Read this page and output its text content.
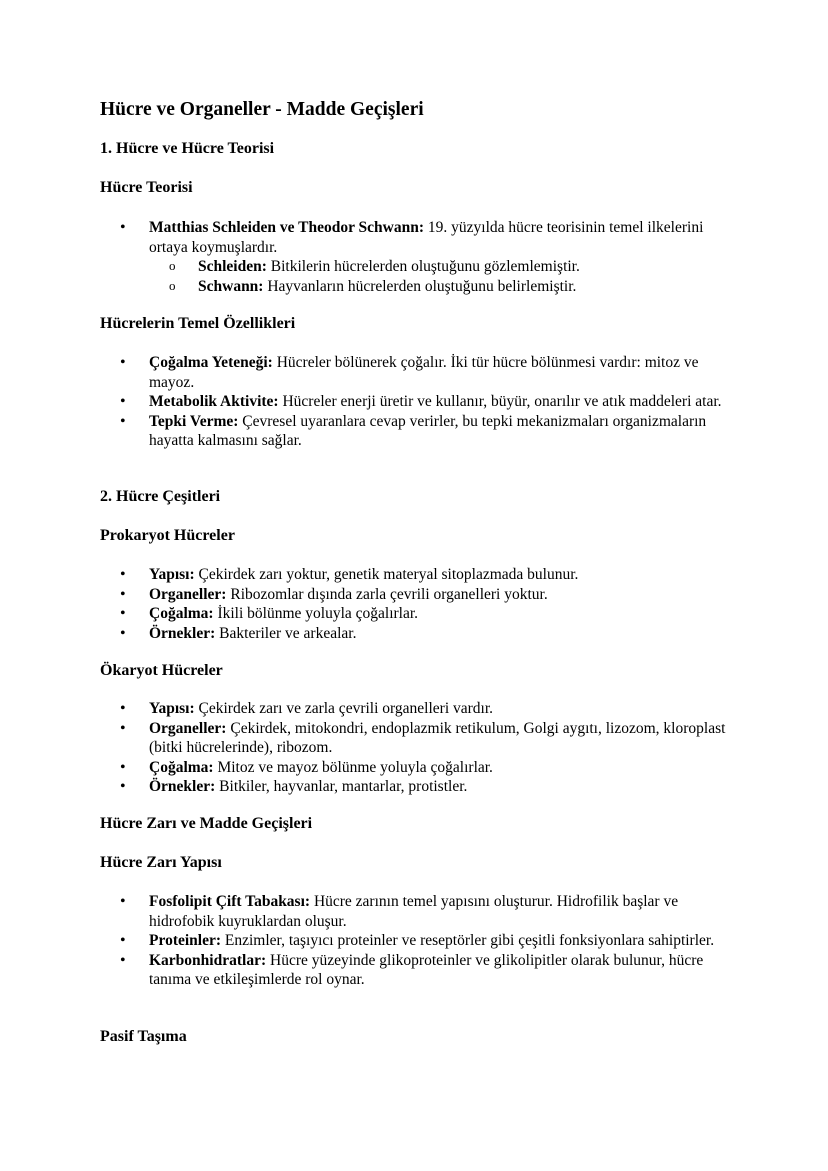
Hücre ve Organeller - Madde Geçişleri
1. Hücre ve Hücre Teorisi
Hücre Teorisi
• Matthias Schleiden ve Theodor Schwann: 19. yüzyılda hücre teorisinin temel ilkelerini ortaya koymuşlardır.
o Schleiden: Bitkilerin hücrelerden oluştuğunu gözlemlemiştir.
o Schwann: Hayvanların hücrelerden oluştuğunu belirlemiştir.
Hücrelerin Temel Özellikleri
• Çoğalma Yeteneği: Hücreler bölünerek çoğalır. İki tür hücre bölünmesi vardır: mitoz ve mayoz.
• Metabolik Aktivite: Hücreler enerji üretir ve kullanır, büyür, onarılır ve atık maddeleri atar.
• Tepki Verme: Çevresel uyaranlara cevap verirler, bu tepki mekanizmaları organizmaların hayatta kalmasını sağlar.
2. Hücre Çeşitleri
Prokaryot Hücreler
• Yapısı: Çekirdek zarı yoktur, genetik materyal sitoplazmada bulunur.
• Organeller: Ribozomlar dışında zarla çevrili organelleri yoktur.
• Çoğalma: İkili bölünme yoluyla çoğalırlar.
• Örnekler: Bakteriler ve arkealar.
Ökaryot Hücreler
• Yapısı: Çekirdek zarı ve zarla çevrili organelleri vardır.
• Organeller: Çekirdek, mitokondri, endoplazmik retikulum, Golgi aygıtı, lizozom, kloroplast (bitki hücrelerinde), ribozom.
• Çoğalma: Mitoz ve mayoz bölünme yoluyla çoğalırlar.
• Örnekler: Bitkiler, hayvanlar, mantarlar, protistler.
Hücre Zarı ve Madde Geçişleri
Hücre Zarı Yapısı
• Fosfolipit Çift Tabakası: Hücre zarının temel yapısını oluşturur. Hidrofilik başlar ve hidrofobik kuyruklardan oluşur.
• Proteinler: Enzimler, taşıyıcı proteinler ve reseptörler gibi çeşitli fonksiyonlara sahiptirler.
• Karbonhidratlar: Hücre yüzeyinde glikoproteinler ve glikolipitler olarak bulunur, hücre tanıma ve etkileşimlerde rol oynar.
Pasif Taşıma
